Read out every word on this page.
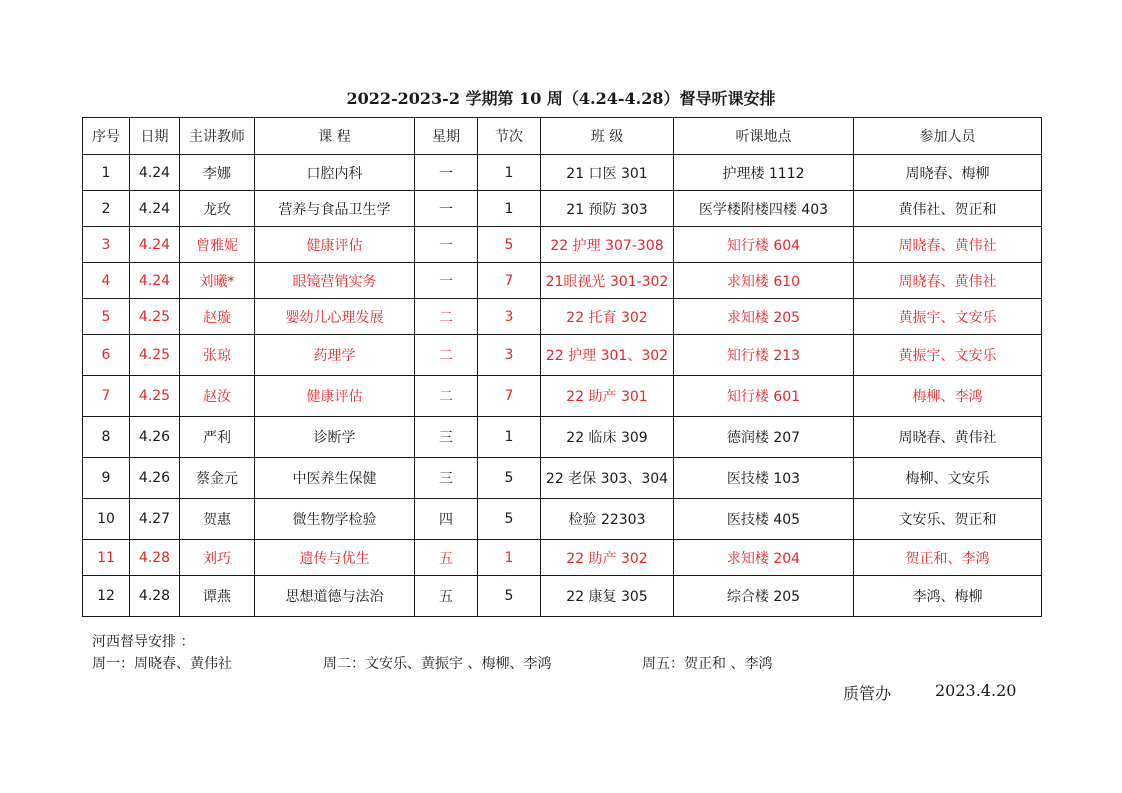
2022-2023-2 学期第 10 周（4.24-4.28）督导听课安排
序号	日期	主讲教师	课 程	星期	节次	班 级	听课地点	参加人员
1	4.24	李娜	口腔内科	一	1	21 口医 301	护理楼 1112	周晓春、梅柳
2	4.24	龙玫	营养与食品卫生学	一	1	21 预防 303	医学楼附楼四楼 403	黄伟社、贺正和
3	4.24	曾雅妮	健康评估	一	5	22 护理 307-308	知行楼 604	周晓春、黄伟社
4	4.24	刘曦*	眼镜营销实务	一	7	21眼视光 301-302	求知楼 610	周晓春、黄伟社
5	4.25	赵璇	婴幼儿心理发展	二	3	22 托育 302	求知楼 205	黄振宇、文安乐
6	4.25	张琼	药理学	二	3	22 护理 301、302	知行楼 213	黄振宇、文安乐
7	4.25	赵汝	健康评估	二	7	22 助产 301	知行楼 601	梅柳、李鸿
8	4.26	严利	诊断学	三	1	22 临床 309	德润楼 207	周晓春、黄伟社
9	4.26	蔡金元	中医养生保健	三	5	22 老保 303、304	医技楼 103	梅柳、文安乐
10	4.27	贺惠	微生物学检验	四	5	检验 22303	医技楼 405	文安乐、贺正和
11	4.28	刘巧	遗传与优生	五	1	22 助产 302	求知楼 204	贺正和、李鸿
12	4.28	谭燕	思想道德与法治	五	5	22 康复 305	综合楼 205	李鸿、梅柳
河西督导安排 ：
周一：周晓春、黄伟社	周二：文安乐、黄振宇 、梅柳、李鸿	周五：贺正和 、李鸿
质管办	2023.4.20
